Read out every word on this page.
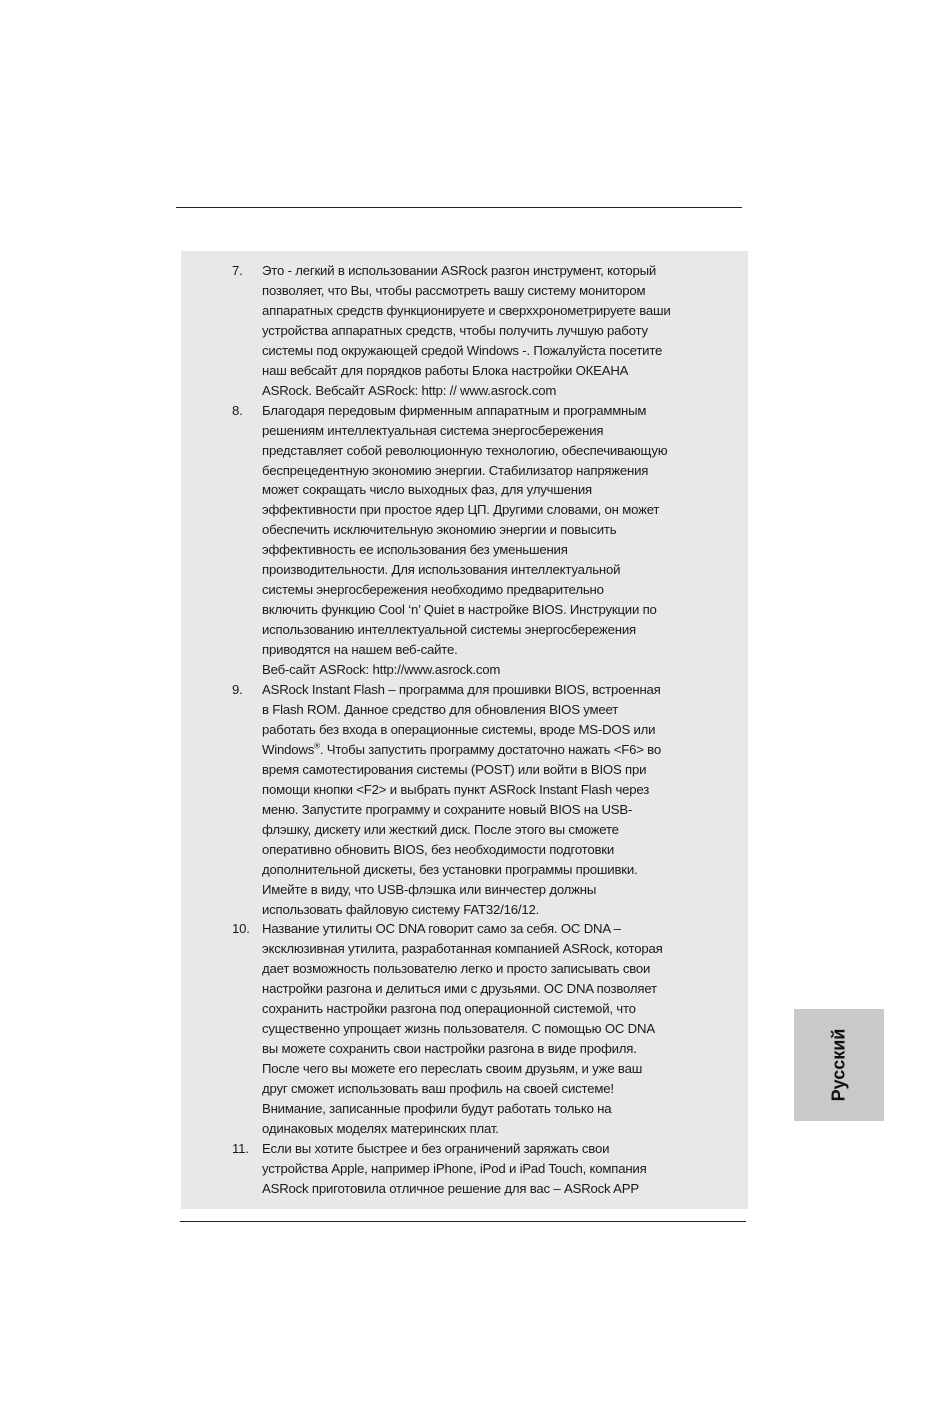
7.	Это - легкий в использовании ASRock разгон инструмент, который
позволяет, что Вы, чтобы рассмотреть вашу систему монитором
аппаратных средств функционируете и сверххронометрируете ваши
устройства аппаратных средств, чтобы получить лучшую работу
системы под окружающей средой Windows -. Пожалуйста посетите
наш вебсайт для порядков работы Блока настройки ОКЕАНА
ASRock. Вебсайт ASRock: http: // www.asrock.com
8.	Благодаря передовым фирменным аппаратным и программным
решениям интеллектуальная система энергосбережения
представляет собой революционную технологию, обеспечивающую
беспрецедентную экономию энергии. Стабилизатор напряжения
может сокращать число выходных фаз, для улучшения
эффективности при простое ядер ЦП. Другими словами, он может
обеспечить исключительную экономию энергии и повысить
эффективность ее использования без уменьшения
производительности. Для использования интеллектуальной
системы энергосбережения необходимо предварительно
включить функцию Cool ‘n’ Quiet в настройке BIOS. Инструкции по
использованию интеллектуальной системы энергосбережения
приводятся на нашем веб-сайте.
Веб-сайт ASRock: http://www.asrock.com
9.	ASRock Instant Flash – программа для прошивки BIOS, встроенная
в Flash ROM. Данное средство для обновления BIOS умеет
работать без входа в операционные системы, вроде MS-DOS или
Windows®. Чтобы запустить программу достаточно нажать <F6> во
время самотестирования системы (POST) или войти в BIOS при
помощи кнопки <F2> и выбрать пункт ASRock Instant Flash через
меню. Запустите программу и сохраните новый BIOS на USB-
флэшку, дискету или жесткий диск. После этого вы сможете
оперативно обновить BIOS, без необходимости подготовки
дополнительной дискеты, без установки программы прошивки.
Имейте в виду, что USB-флэшка или винчестер должны
использовать файловую систему FAT32/16/12.
10. Название утилиты OC DNA говорит само за себя. OC DNA –
эксклюзивная утилита, разработанная компанией ASRock, которая
дает возможность пользователю легко и просто записывать свои
настройки разгона и делиться ими с друзьями. OC DNA позволяет
сохранить настройки разгона под операционной системой, что
существенно упрощает жизнь пользователя. С помощью OC DNA
вы можете сохранить свои настройки разгона в виде профиля.
После чего вы можете его переслать своим друзьям, и уже ваш
друг сможет использовать ваш профиль на своей системе!
Внимание, записанные профили будут работать только на
одинаковых моделях материнских плат.
11.	Если вы хотите быстрее и без ограничений заряжать свои
устройства Apple, например iPhone, iPod и iPad Touch, компания
ASRock приготовила отличное решение для вас – ASRock APP
Русский
